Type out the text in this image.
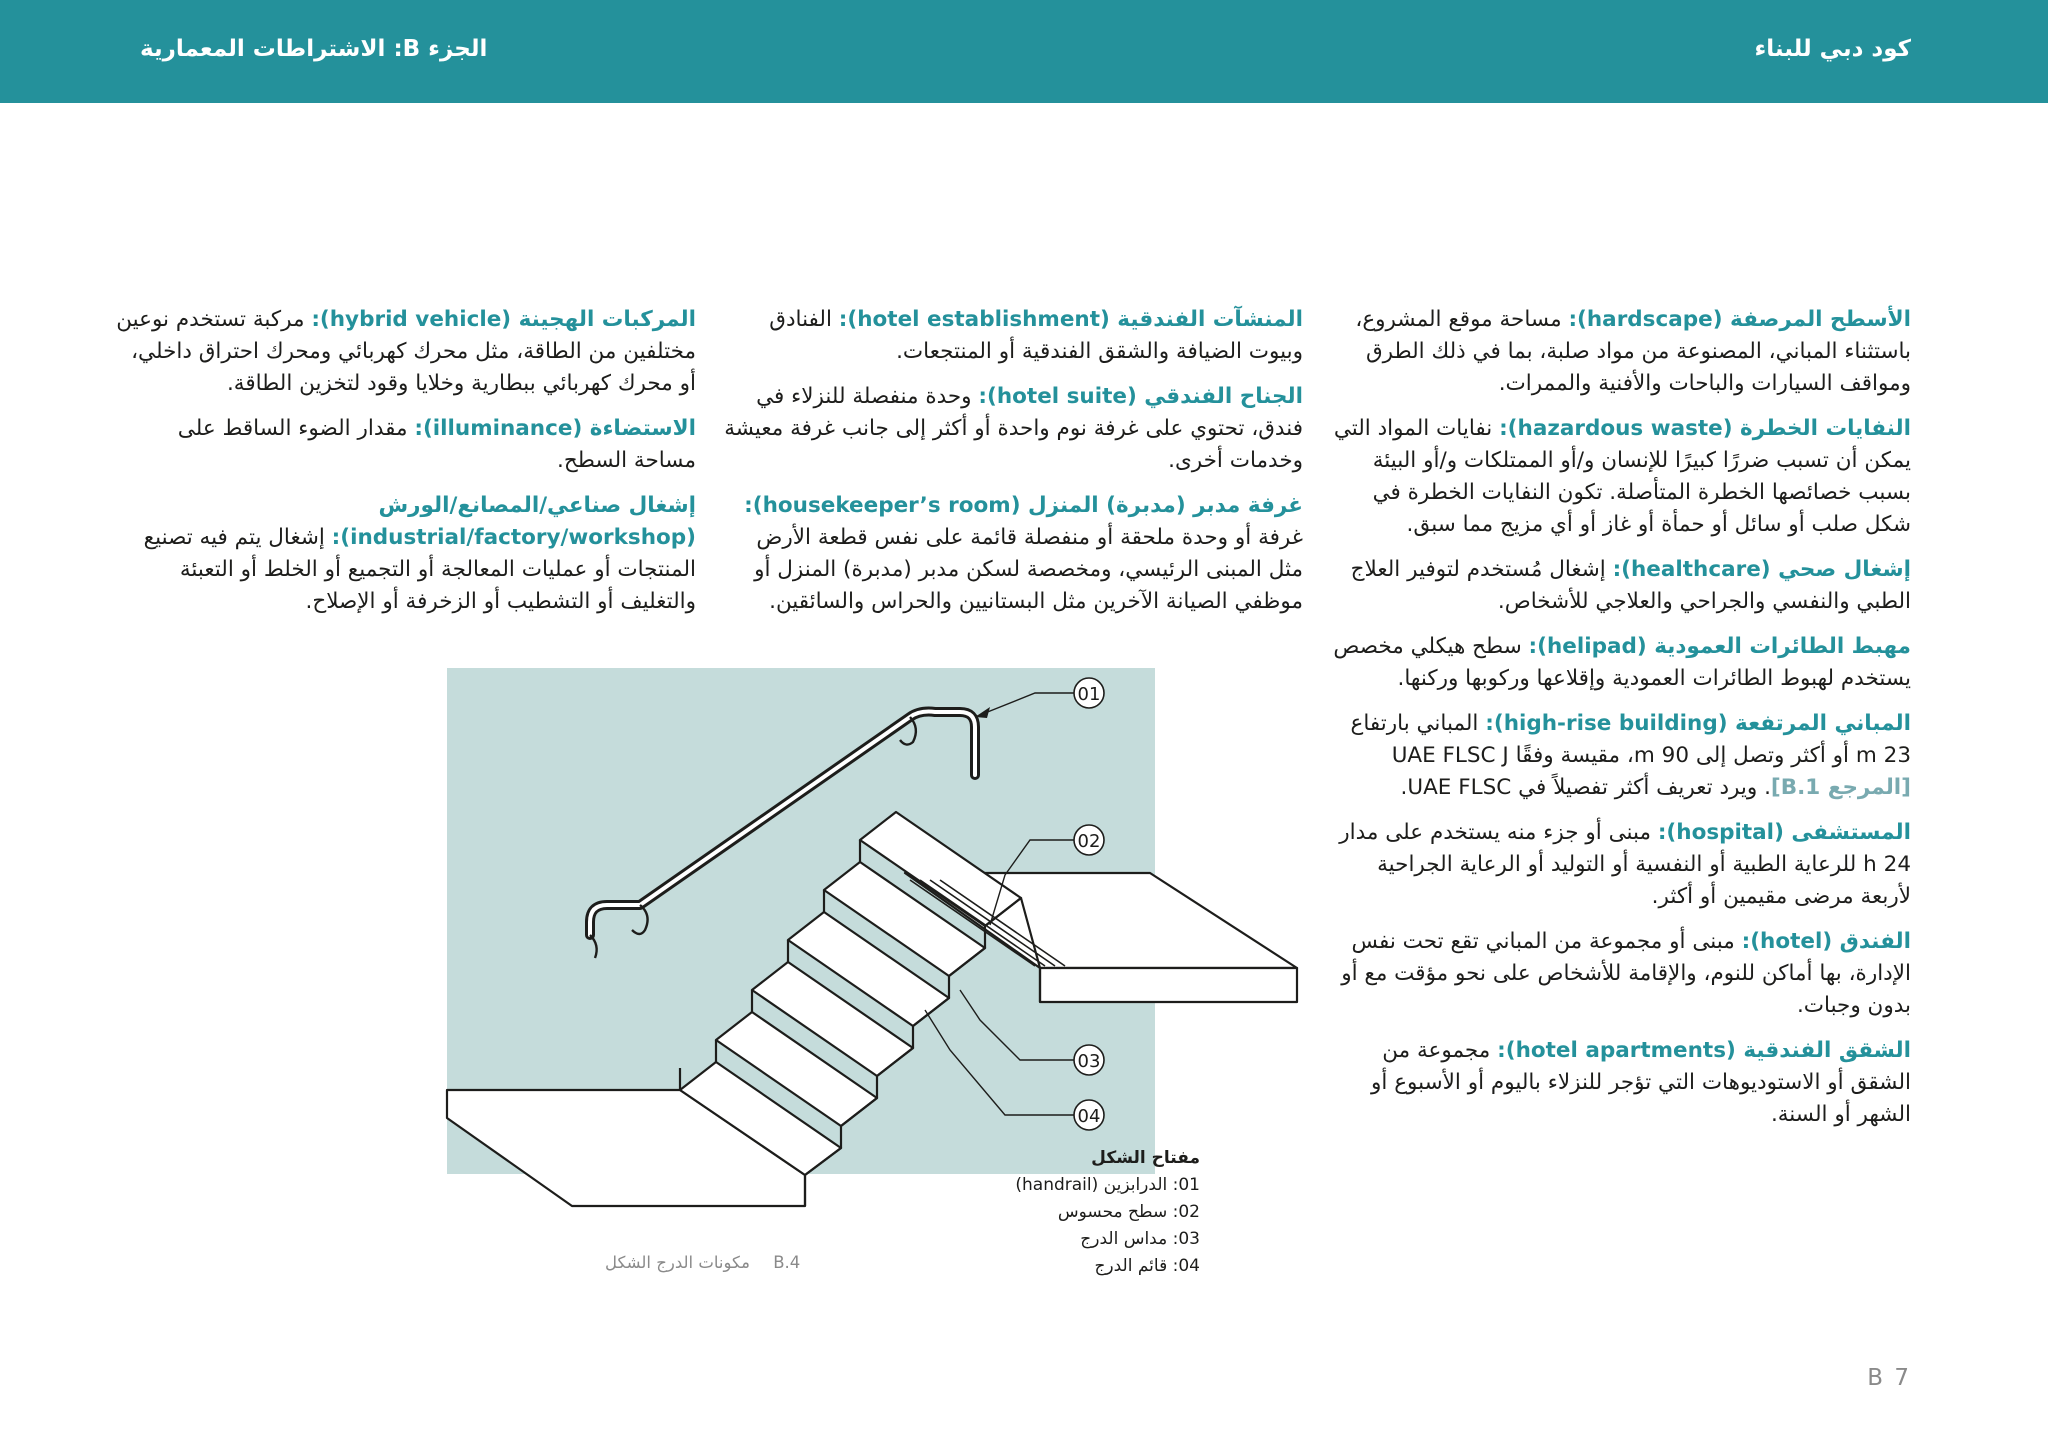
الجزء B: الاشتراطات المعمارية	كود دبي للبناء

الأسطح المرصفة (hardscape): مساحة موقع المشروع، باستثناء المباني، المصنوعة من مواد صلبة، بما في ذلك الطرق ومواقف السيارات والباحات والأفنية والممرات.

النفايات الخطرة (hazardous waste): نفايات المواد التي يمكن أن تسبب ضررًا كبيرًا للإنسان و/أو الممتلكات و/أو البيئة بسبب خصائصها الخطرة المتأصلة. تكون النفايات الخطرة في شكل صلب أو سائل أو حمأة أو غاز أو أي مزيج مما سبق.

إشغال صحي (healthcare): إشغال مُستخدم لتوفير العلاج الطبي والنفسي والجراحي والعلاجي للأشخاص.

مهبط الطائرات العمودية (helipad): سطح هيكلي مخصص يستخدم لهبوط الطائرات العمودية وإقلاعها وركوبها وركنها.

المباني المرتفعة (high-rise building): المباني بارتفاع 23 m أو أكثر وتصل إلى 90 m، مقيسة وفقًا UAE FLSC J [المرجع B.1]. ويرد تعريف أكثر تفصيلاً في UAE FLSC.

المستشفى (hospital): مبنى أو جزء منه يستخدم على مدار 24 h للرعاية الطبية أو النفسية أو التوليد أو الرعاية الجراحية لأربعة مرضى مقيمين أو أكثر.

الفندق (hotel): مبنى أو مجموعة من المباني تقع تحت نفس الإدارة، بها أماكن للنوم، والإقامة للأشخاص على نحو مؤقت مع أو بدون وجبات.

الشقق الفندقية (hotel apartments): مجموعة من الشقق أو الاستوديوهات التي تؤجر للنزلاء باليوم أو الأسبوع أو الشهر أو السنة.

المنشآت الفندقية (hotel establishment): الفنادق وبيوت الضيافة والشقق الفندقية أو المنتجعات.

الجناح الفندقي (hotel suite): وحدة منفصلة للنزلاء في فندق، تحتوي على غرفة نوم واحدة أو أكثر إلى جانب غرفة معيشة وخدمات أخرى.

غرفة مدبر (مدبرة) المنزل (housekeeper’s room): غرفة أو وحدة ملحقة أو منفصلة قائمة على نفس قطعة الأرض مثل المبنى الرئيسي، ومخصصة لسكن مدبر (مدبرة) المنزل أو موظفي الصيانة الآخرين مثل البستانيين والحراس والسائقين.

المركبات الهجينة (hybrid vehicle): مركبة تستخدم نوعين مختلفين من الطاقة، مثل محرك كهربائي ومحرك احتراق داخلي، أو محرك كهربائي ببطارية وخلايا وقود لتخزين الطاقة.

الاستضاءة (illuminance): مقدار الضوء الساقط على مساحة السطح.

إشغال صناعي/المصانع/الورش (industrial/factory/workshop): إشغال يتم فيه تصنيع المنتجات أو عمليات المعالجة أو التجميع أو الخلط أو التعبئة والتغليف أو التشطيب أو الزخرفة أو الإصلاح.

01
02
03
04
مفتاح الشكل
01: الدرابزين (handrail)
02: سطح محسوس
03: مداس الدرج
04: قائم الدرج
مكونات الدرج الشكل B.4
B 7
